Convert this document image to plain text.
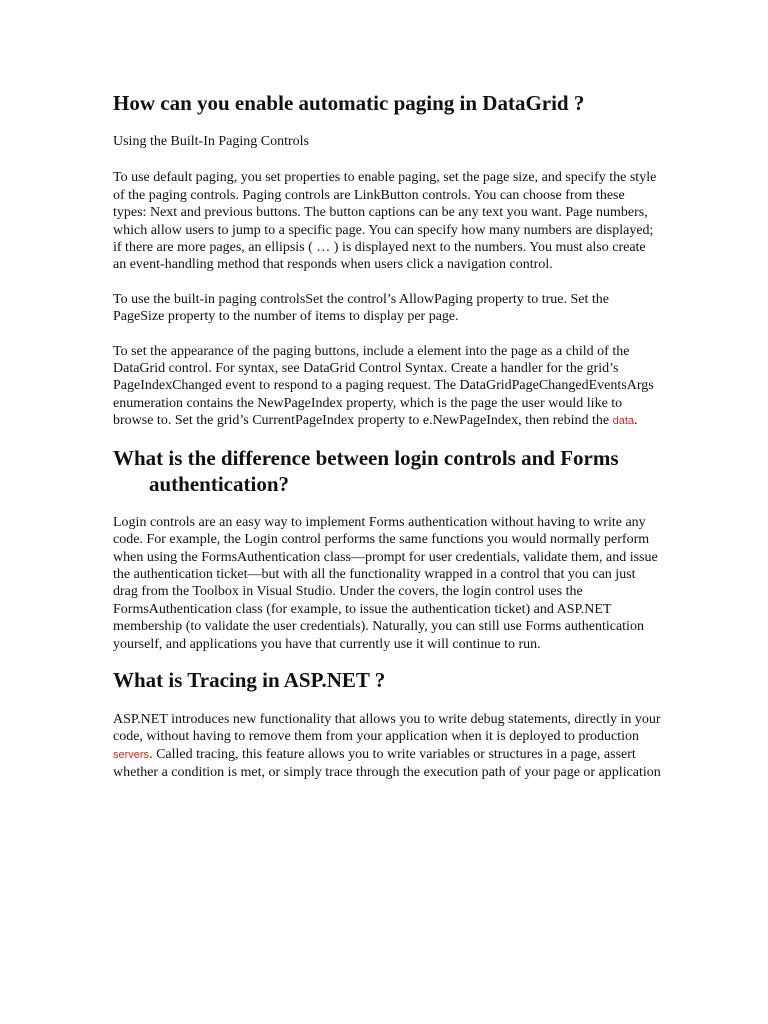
How can you enable automatic paging in DataGrid ?

Using the Built-In Paging Controls

To use default paging, you set properties to enable paging, set the page size, and specify the style of the paging controls. Paging controls are LinkButton controls. You can choose from these types: Next and previous buttons. The button captions can be any text you want. Page numbers, which allow users to jump to a specific page. You can specify how many numbers are displayed; if there are more pages, an ellipsis ( … ) is displayed next to the numbers. You must also create an event-handling method that responds when users click a navigation control.

To use the built-in paging controlsSet the control’s AllowPaging property to true. Set the PageSize property to the number of items to display per page.

To set the appearance of the paging buttons, include a element into the page as a child of the DataGrid control. For syntax, see DataGrid Control Syntax. Create a handler for the grid’s PageIndexChanged event to respond to a paging request. The DataGridPageChangedEventsArgs enumeration contains the NewPageIndex property, which is the page the user would like to browse to. Set the grid’s CurrentPageIndex property to e.NewPageIndex, then rebind the data.

What is the difference between login controls and Forms authentication?

Login controls are an easy way to implement Forms authentication without having to write any code. For example, the Login control performs the same functions you would normally perform when using the FormsAuthentication class—prompt for user credentials, validate them, and issue the authentication ticket—but with all the functionality wrapped in a control that you can just drag from the Toolbox in Visual Studio. Under the covers, the login control uses the FormsAuthentication class (for example, to issue the authentication ticket) and ASP.NET membership (to validate the user credentials). Naturally, you can still use Forms authentication yourself, and applications you have that currently use it will continue to run.

What is Tracing in ASP.NET ?

ASP.NET introduces new functionality that allows you to write debug statements, directly in your code, without having to remove them from your application when it is deployed to production servers. Called tracing, this feature allows you to write variables or structures in a page, assert whether a condition is met, or simply trace through the execution path of your page or application
